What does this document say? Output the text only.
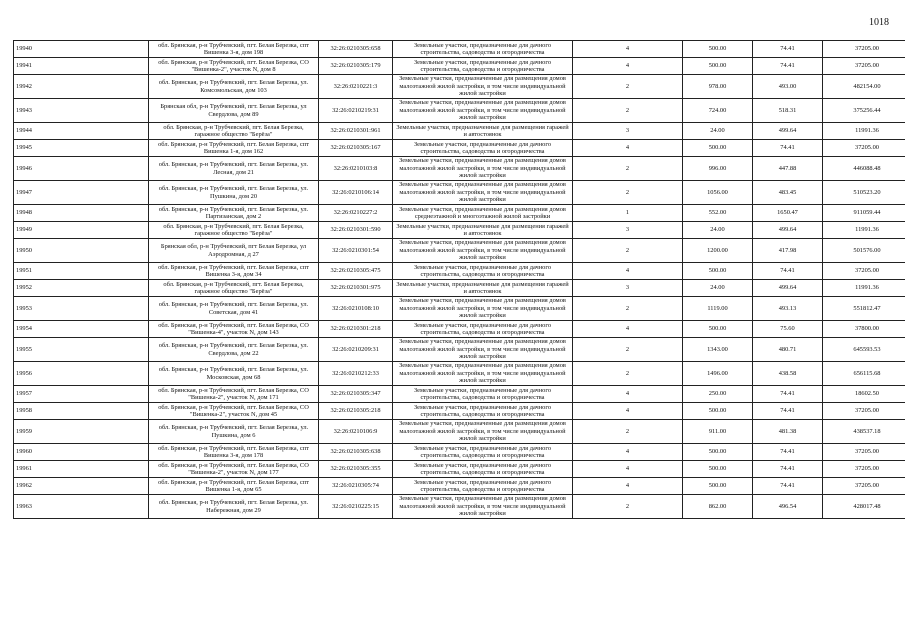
1018
19940	обл. Брянская, р-н Трубчевский, пгт. Белая Березка, спт Вишенка 3-я, дом 198	32:26:0210305:658	Земельные участки, предназначенные для дачного строительства, садоводства и огородничества	4	500.00	74.41	37205.00
19941	обл. Брянская, р-н Трубчевский, пгт. Белая Березка, СО "Вишенка-2", участок N, дом 8	32:26:0210305:179	Земельные участки, предназначенные для дачного строительства, садоводства и огородничества	4	500.00	74.41	37205.00
19942	обл. Брянская, р-н Трубчевский, пгт. Белая Березка, ул. Комсомольская, дом 103	32:26:0210221:3	Земельные участки, предназначенные для размещения домов малоэтажной жилой застройки, в том числе индивидуальной жилой застройки	2	978.00	493.00	482154.00
19943	Брянская обл, р-н Трубчевский, пгт. Белая Березка, ул Свердлова, дом 89	32:26:0210219:31	Земельные участки, предназначенные для размещения домов малоэтажной жилой застройки, в том числе индивидуальной жилой застройки	2	724.00	518.31	375256.44
19944	обл. Брянская, р-н Трубчевский, пгт. Белая Березка, гаражное общество "Берёза"	32:26:0210301:961	Земельные участки, предназначенные для размещения гаражей и автостоянок	3	24.00	499.64	11991.36
19945	обл. Брянская, р-н Трубчевский, пгт. Белая Березка, спт Вишенка 1-я, дом 162	32:26:0210305:167	Земельные участки, предназначенные для дачного строительства, садоводства и огородничества	4	500.00	74.41	37205.00
19946	обл. Брянская, р-н Трубчевский, пгт. Белая Березка, ул. Лесная, дом 21	32:26:0210103:8	Земельные участки, предназначенные для размещения домов малоэтажной жилой застройки, в том числе индивидуальной жилой застройки	2	996.00	447.88	446088.48
19947	обл. Брянская, р-н Трубчевский, пгт. Белая Березка, ул. Пушкина, дом 20	32:26:0210106:14	Земельные участки, предназначенные для размещения домов малоэтажной жилой застройки, в том числе индивидуальной жилой застройки	2	1056.00	483.45	510523.20
19948	обл. Брянская, р-н Трубчевский, пгт. Белая Березка, ул. Партизанская, дом 2	32:26:0210227:2	Земельные участки, предназначенные для размещения домов среднеэтажной и многоэтажной жилой застройки	1	552.00	1650.47	911059.44
19949	обл. Брянская, р-н Трубчевский, пгт. Белая Березка, гаражное общество "Берёза"	32:26:0210301:590	Земельные участки, предназначенные для размещения гаражей и автостоянок	3	24.00	499.64	11991.36
19950	Брянская обл, р-н Трубчевский, пгт Белая Березка, ул Аэродромная, д 27	32:26:0210301:54	Земельные участки, предназначенные для размещения домов малоэтажной жилой застройки, в том числе индивидуальной жилой застройки	2	1200.00	417.98	501576.00
19951	обл. Брянская, р-н Трубчевский, пгт. Белая Березка, спт Вишенка 3-я, дом 34	32:26:0210305:475	Земельные участки, предназначенные для дачного строительства, садоводства и огородничества	4	500.00	74.41	37205.00
19952	обл. Брянская, р-н Трубчевский, пгт. Белая Березка, гаражное общество "Берёза"	32:26:0210301:975	Земельные участки, предназначенные для размещения гаражей и автостоянок	3	24.00	499.64	11991.36
19953	обл. Брянская, р-н Трубчевский, пгт. Белая Березка, ул. Советская, дом 41	32:26:0210108:10	Земельные участки, предназначенные для размещения домов малоэтажной жилой застройки, в том числе индивидуальной жилой застройки	2	1119.00	493.13	551812.47
19954	обл. Брянская, р-н Трубчевский, пгт. Белая Березка, СО "Вишенка-4", участок N, дом 143	32:26:0210301:218	Земельные участки, предназначенные для дачного строительства, садоводства и огородничества	4	500.00	75.60	37800.00
19955	обл. Брянская, р-н Трубчевский, пгт. Белая Березка, ул. Свердлова, дом 22	32:26:0210209:31	Земельные участки, предназначенные для размещения домов малоэтажной жилой застройки, в том числе индивидуальной жилой застройки	2	1343.00	480.71	645593.53
19956	обл. Брянская, р-н Трубчевский, пгт. Белая Березка, ул. Московская, дом 68	32:26:0210212:33	Земельные участки, предназначенные для размещения домов малоэтажной жилой застройки, в том числе индивидуальной жилой застройки	2	1496.00	438.58	656115.68
19957	обл. Брянская, р-н Трубчевский, пгт. Белая Березка, СО "Вишенка-2", участок N, дом 171	32:26:0210305:347	Земельные участки, предназначенные для дачного строительства, садоводства и огородничества	4	250.00	74.41	18602.50
19958	обл. Брянская, р-н Трубчевский, пгт. Белая Березка, СО "Вишенка-2", участок N, дом 45	32:26:0210305:218	Земельные участки, предназначенные для дачного строительства, садоводства и огородничества	4	500.00	74.41	37205.00
19959	обл. Брянская, р-н Трубчевский, пгт. Белая Березка, ул. Пушкина, дом 6	32:26:0210106:9	Земельные участки, предназначенные для размещения домов малоэтажной жилой застройки, в том числе индивидуальной жилой застройки	2	911.00	481.38	438537.18
19960	обл. Брянская, р-н Трубчевский, пгт. Белая Березка, спт Вишенка 3-я, дом 178	32:26:0210305:638	Земельные участки, предназначенные для дачного строительства, садоводства и огородничества	4	500.00	74.41	37205.00
19961	обл. Брянская, р-н Трубчевский, пгт. Белая Березка, СО "Вишенка-2", участок N, дом 177	32:26:0210305:355	Земельные участки, предназначенные для дачного строительства, садоводства и огородничества	4	500.00	74.41	37205.00
19962	обл. Брянская, р-н Трубчевский, пгт. Белая Березка, спт Вишенка 1-я, дом 65	32:26:0210305:74	Земельные участки, предназначенные для дачного строительства, садоводства и огородничества	4	500.00	74.41	37205.00
19963	обл. Брянская, р-н Трубчевский, пгт. Белая Березка, ул. Набережная, дом 29	32:26:0210225:15	Земельные участки, предназначенные для размещения домов малоэтажной жилой застройки, в том числе индивидуальной жилой застройки	2	862.00	496.54	428017.48
